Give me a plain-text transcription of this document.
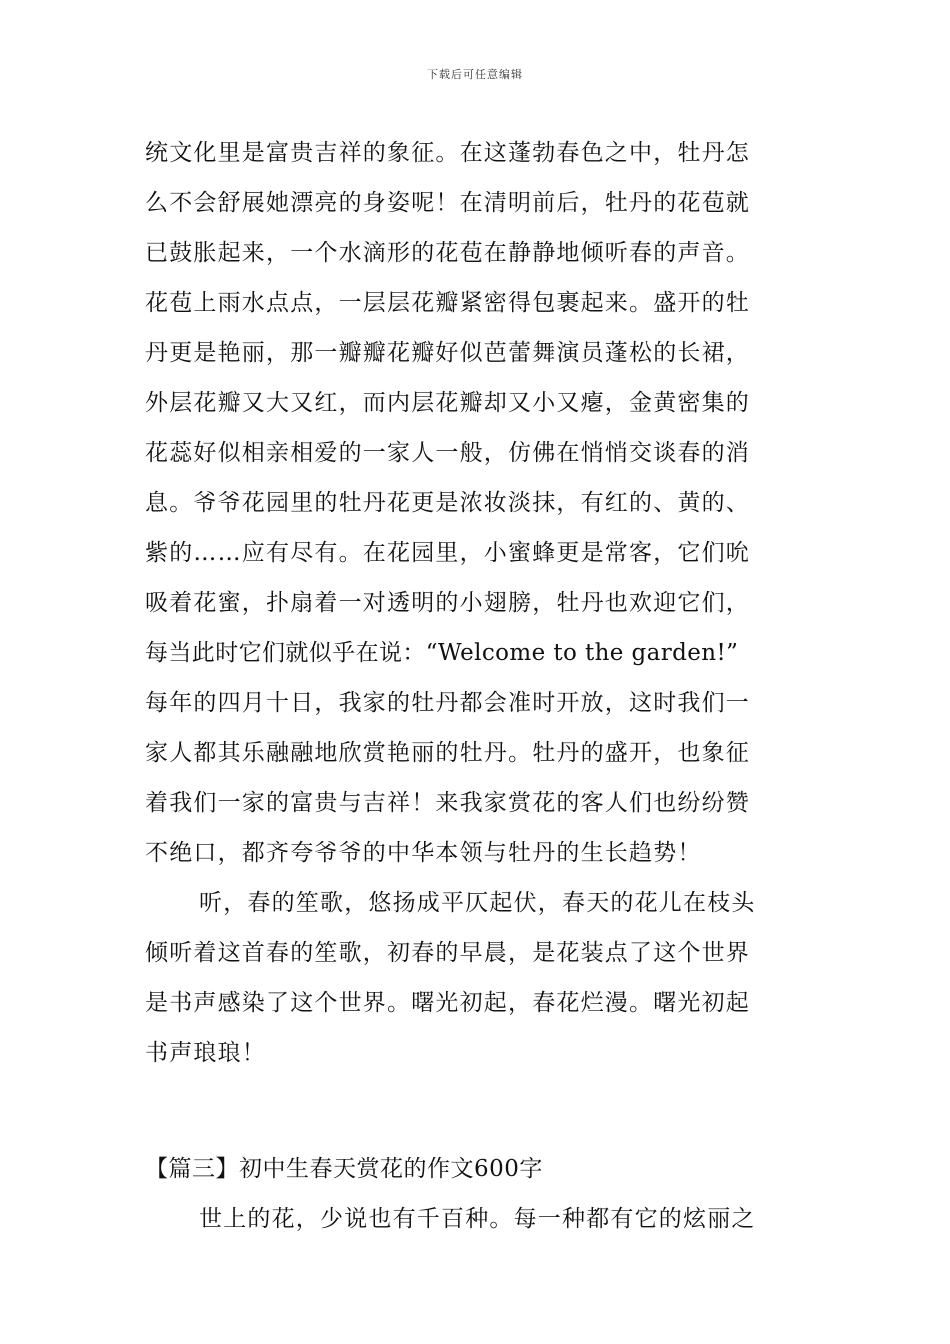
下载后可任意编辑
统文化里是富贵吉祥的象征。在这蓬勃春色之中，牡丹怎
么不会舒展她漂亮的身姿呢！在清明前后，牡丹的花苞就
已鼓胀起来，一个水滴形的花苞在静静地倾听春的声音。
花苞上雨水点点，一层层花瓣紧密得包裹起来。盛开的牡
丹更是艳丽，那一瓣瓣花瓣好似芭蕾舞演员蓬松的长裙，
外层花瓣又大又红，而内层花瓣却又小又瘪，金黄密集的
花蕊好似相亲相爱的一家人一般，仿佛在悄悄交谈春的消
息。爷爷花园里的牡丹花更是浓妆淡抹，有红的、黄的、
紫的……应有尽有。在花园里，小蜜蜂更是常客，它们吮
吸着花蜜，扑扇着一对透明的小翅膀，牡丹也欢迎它们，
每当此时它们就似乎在说：“Welcome to the garden!”
每年的四月十日，我家的牡丹都会准时开放，这时我们一
家人都其乐融融地欣赏艳丽的牡丹。牡丹的盛开，也象征
着我们一家的富贵与吉祥！来我家赏花的客人们也纷纷赞
不绝口，都齐夸爷爷的中华本领与牡丹的生长趋势！
听，春的笙歌，悠扬成平仄起伏，春天的花儿在枝头
倾听着这首春的笙歌，初春的早晨，是花装点了这个世界
是书声感染了这个世界。曙光初起，春花烂漫。曙光初起
书声琅琅！
【篇三】初中生春天赏花的作文600字
世上的花，少说也有千百种。每一种都有它的炫丽之
